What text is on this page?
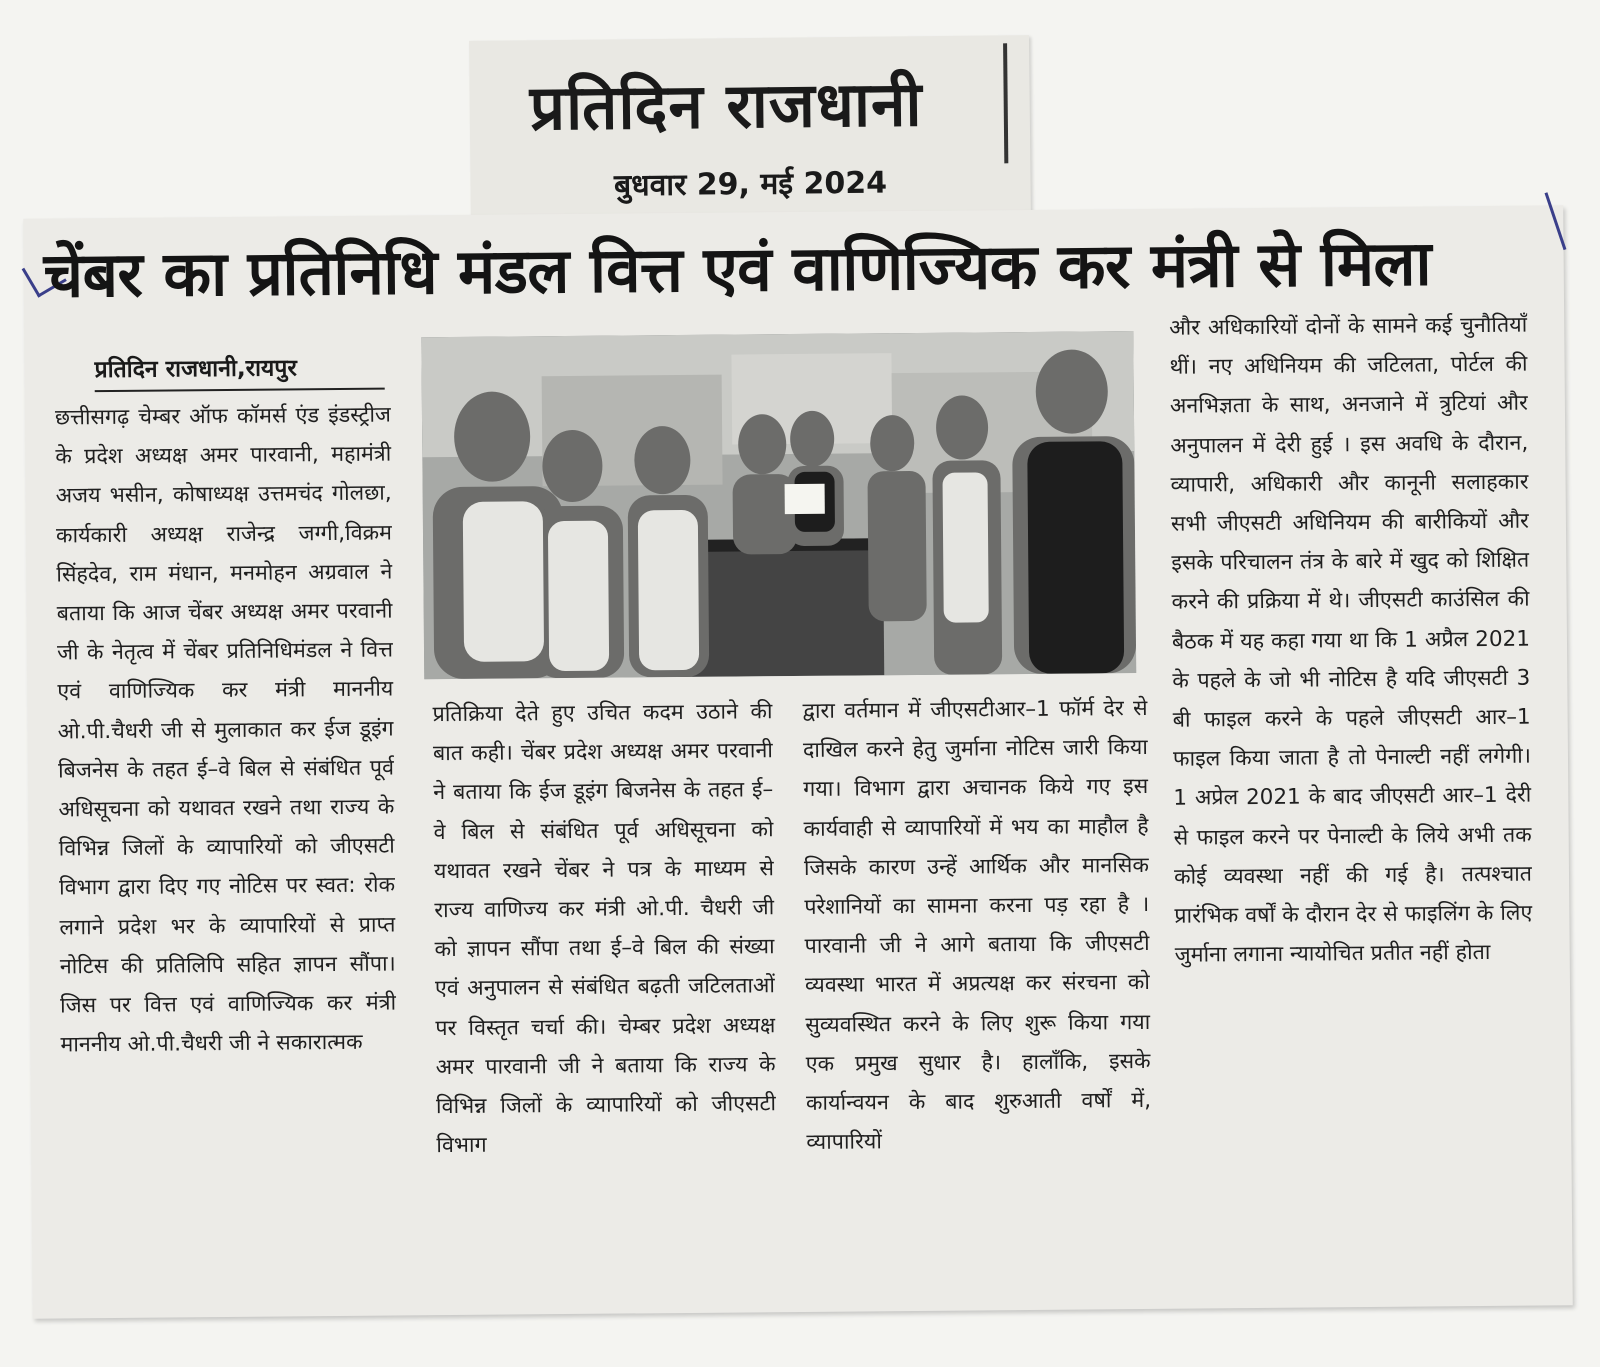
प्रतिदिन राजधानी
बुधवार 29, मई 2024
चेंबर का प्रतिनिधि मंडल वित्त एवं वाणिज्यिक कर मंत्री से मिला
प्रतिदिन राजधानी,रायपुर
छत्तीसगढ़ चेम्बर ऑफ कॉमर्स एंड इंडस्ट्रीज के प्रदेश अध्यक्ष अमर पारवानी, महामंत्री अजय भसीन, कोषाध्यक्ष उत्तमचंद गोलछा, कार्यकारी अध्यक्ष राजेन्द्र जग्गी,विक्रम सिंहदेव, राम मंधान, मनमोहन अग्रवाल ने बताया कि आज चेंबर अध्यक्ष अमर परवानी जी के नेतृत्व में चेंबर प्रतिनिधिमंडल ने वित्त एवं वाणिज्यिक कर मंत्री माननीय ओ.पी.चैधरी जी से मुलाकात कर ईज डूइंग बिजनेस के तहत ई–वे बिल से संबंधित पूर्व अधिसूचना को यथावत रखने तथा राज्य के विभिन्न जिलों के व्यापारियों को जीएसटी विभाग द्वारा दिए गए नोटिस पर स्वत: रोक लगाने प्रदेश भर के व्यापारियों से प्राप्त नोटिस की प्रतिलिपि सहित ज्ञापन सौंपा। जिस पर वित्त एवं वाणिज्यिक कर मंत्री माननीय ओ.पी.चैधरी जी ने सकारात्मक
प्रतिक्रिया देते हुए उचित कदम उठाने की बात कही। चेंबर प्रदेश अध्यक्ष अमर परवानी ने बताया कि ईज डूइंग बिजनेस के तहत ई–वे बिल से संबंधित पूर्व अधिसूचना को यथावत रखने चेंबर ने पत्र के माध्यम से राज्य वाणिज्य कर मंत्री ओ.पी. चैधरी जी को ज्ञापन सौंपा तथा ई–वे बिल की संख्या एवं अनुपालन से संबंधित बढ़ती जटिलताओं पर विस्तृत चर्चा की। चेम्बर प्रदेश अध्यक्ष अमर पारवानी जी ने बताया कि राज्य के विभिन्न जिलों के व्यापारियों को जीएसटी विभाग
द्वारा वर्तमान में जीएसटीआर–1 फॉर्म देर से दाखिल करने हेतु जुर्माना नोटिस जारी किया गया। विभाग द्वारा अचानक किये गए इस कार्यवाही से व्यापारियों में भय का माहौल है जिसके कारण उन्हें आर्थिक और मानसिक परेशानियों का सामना करना पड़ रहा है । पारवानी जी ने आगे बताया कि जीएसटी व्यवस्था भारत में अप्रत्यक्ष कर संरचना को सुव्यवस्थित करने के लिए शुरू किया गया एक प्रमुख सुधार है। हालाँकि, इसके कार्यान्वयन के बाद शुरुआती वर्षों में, व्यापारियों
और अधिकारियों दोनों के सामने कई चुनौतियाँ थीं। नए अधिनियम की जटिलता, पोर्टल की अनभिज्ञता के साथ, अनजाने में त्रुटियां और अनुपालन में देरी हुई । इस अवधि के दौरान, व्यापारी, अधिकारी और कानूनी सलाहकार सभी जीएसटी अधिनियम की बारीकियों और इसके परिचालन तंत्र के बारे में खुद को शिक्षित करने की प्रक्रिया में थे। जीएसटी काउंसिल की बैठक में यह कहा गया था कि 1 अप्रैल 2021 के पहले के जो भी नोटिस है यदि जीएसटी 3 बी फाइल करने के पहले जीएसटी आर–1 फाइल किया जाता है तो पेनाल्टी नहीं लगेगी। 1 अप्रेल 2021 के बाद जीएसटी आर–1 देरी से फाइल करने पर पेनाल्टी के लिये अभी तक कोई व्यवस्था नहीं की गई है। तत्पश्चात प्रारंभिक वर्षों के दौरान देर से फाइलिंग के लिए जुर्माना लगाना न्यायोचित प्रतीत नहीं होता
